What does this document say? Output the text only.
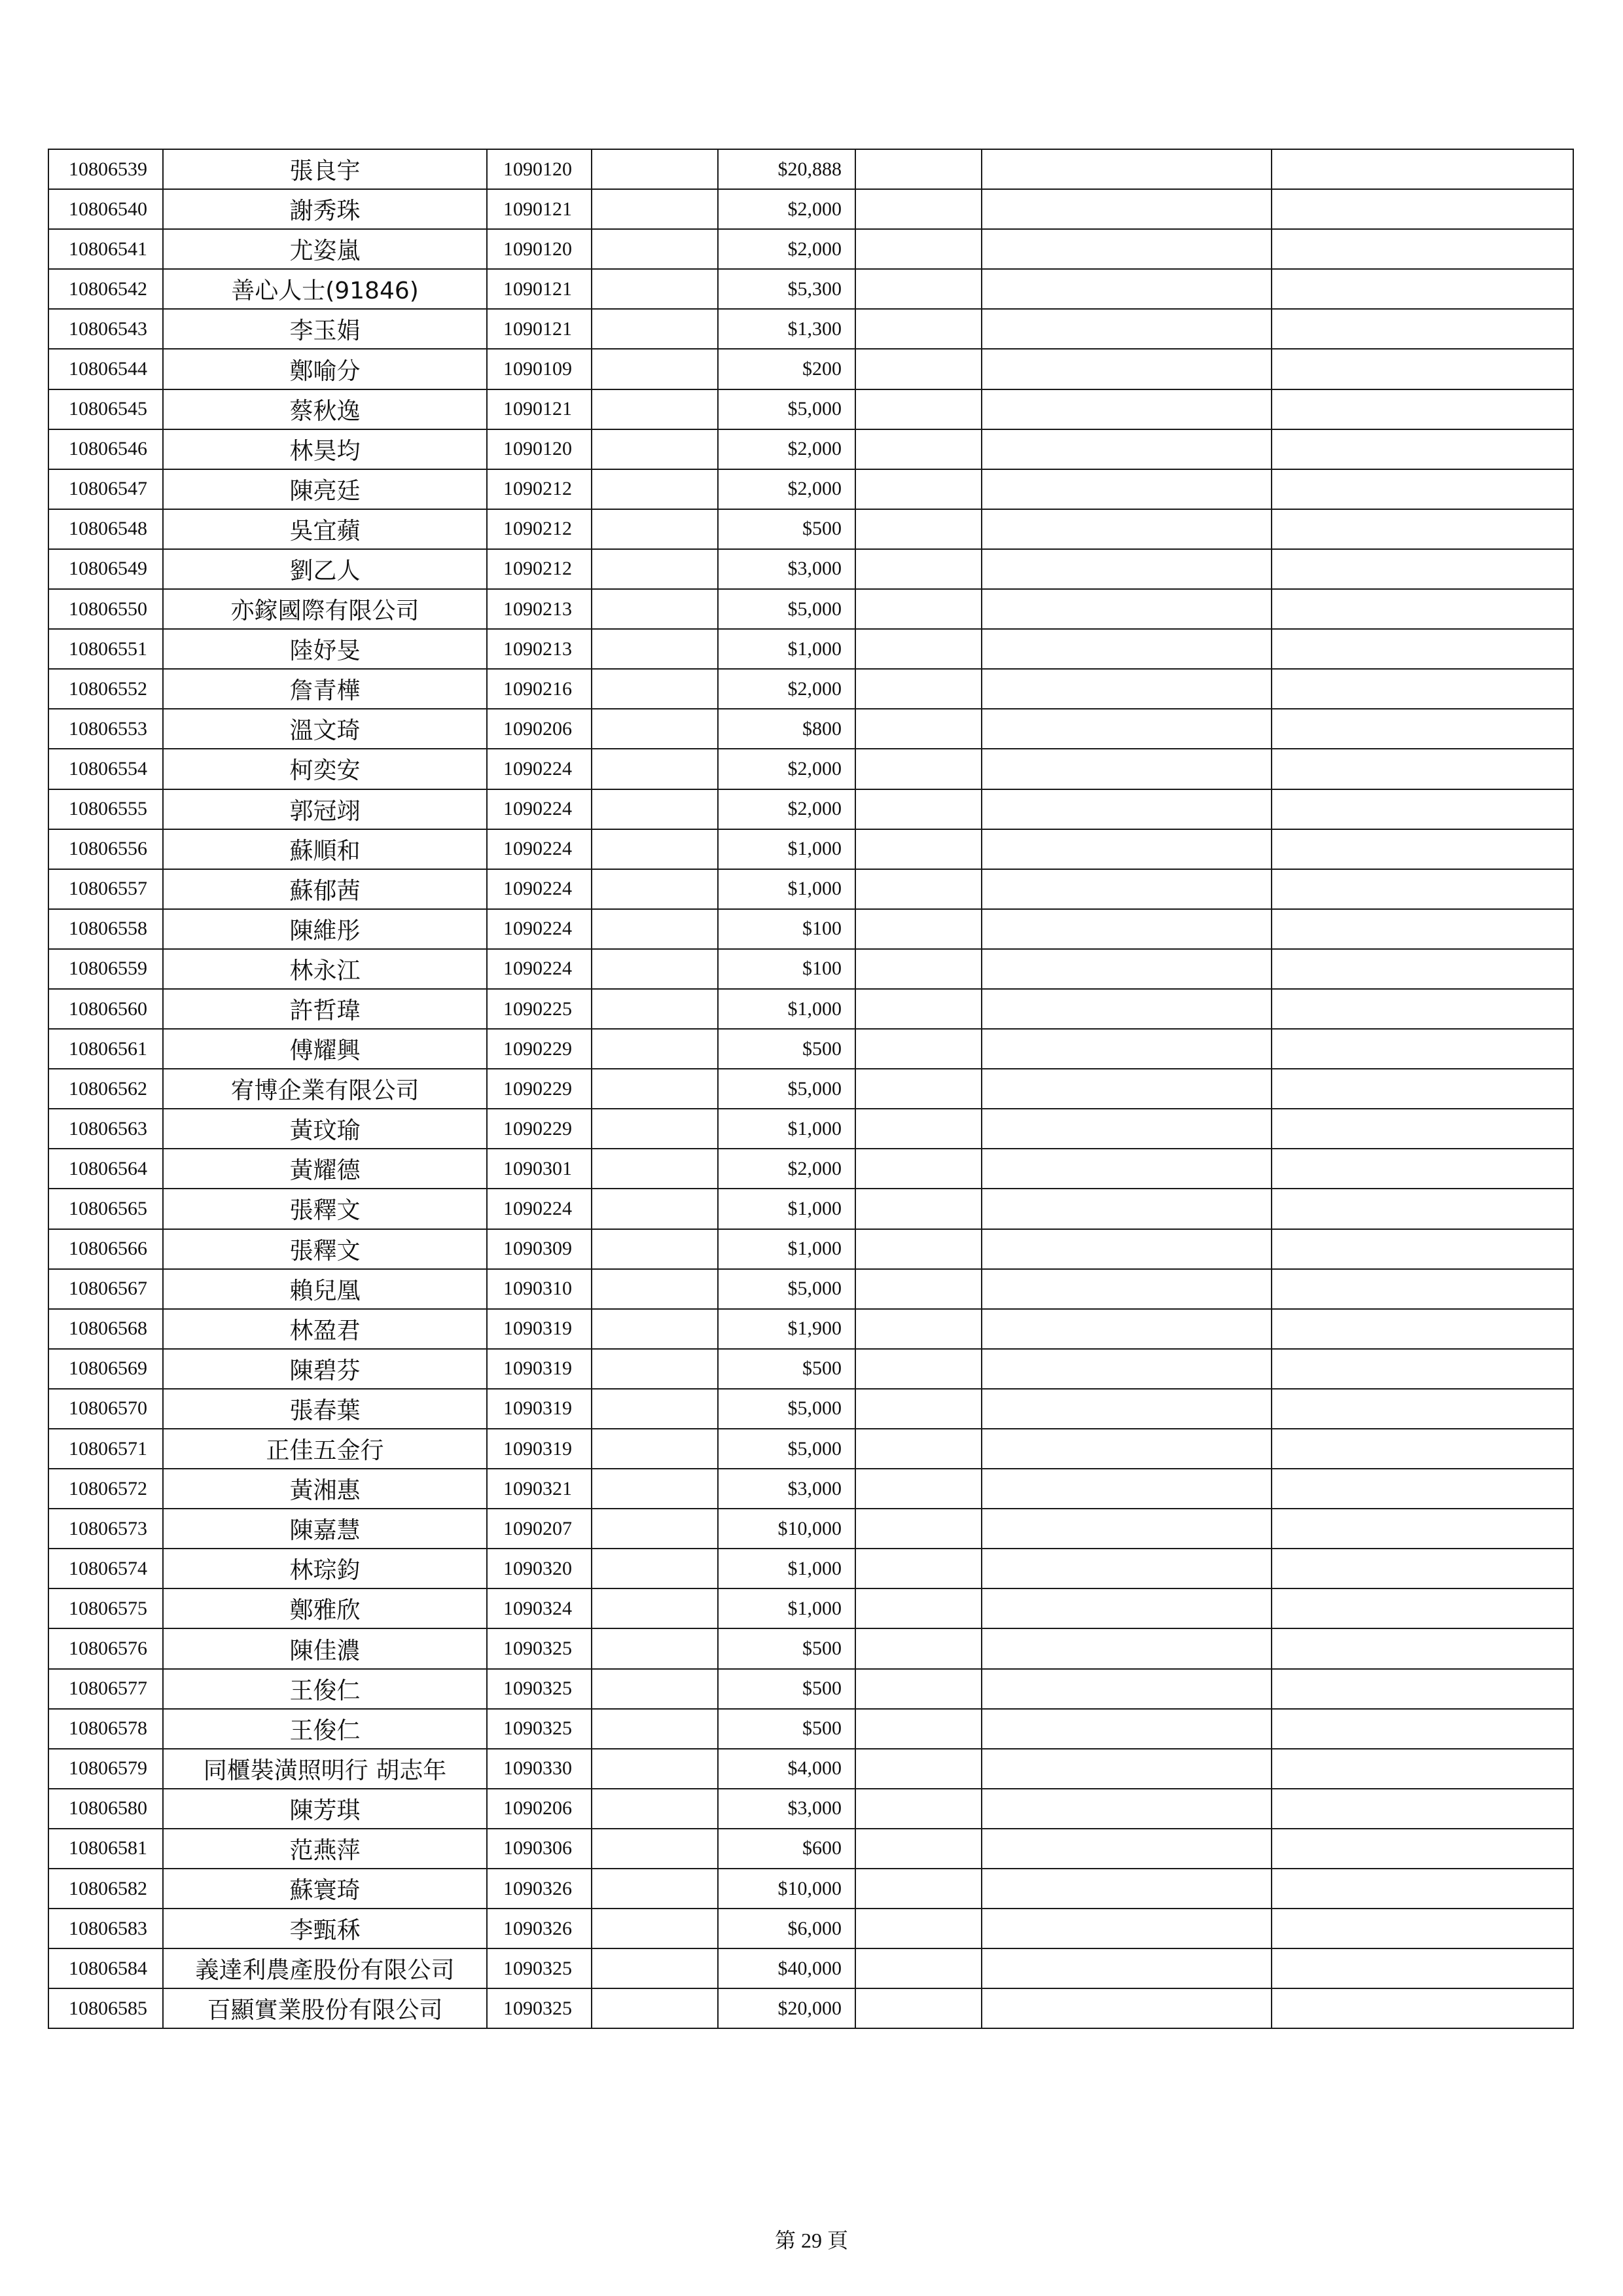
10806539	張良宇	1090120		$20,888			
10806540	謝秀珠	1090121		$2,000			
10806541	尤姿嵐	1090120		$2,000			
10806542	善心人士(91846)	1090121		$5,300			
10806543	李玉娟	1090121		$1,300			
10806544	鄭喻分	1090109		$200			
10806545	蔡秋逸	1090121		$5,000			
10806546	林昊均	1090120		$2,000			
10806547	陳亮廷	1090212		$2,000			
10806548	吳宜蘋	1090212		$500			
10806549	劉乙人	1090212		$3,000			
10806550	亦鎵國際有限公司	1090213		$5,000			
10806551	陸妤旻	1090213		$1,000			
10806552	詹青樺	1090216		$2,000			
10806553	溫文琦	1090206		$800			
10806554	柯奕安	1090224		$2,000			
10806555	郭冠翊	1090224		$2,000			
10806556	蘇順和	1090224		$1,000			
10806557	蘇郁茜	1090224		$1,000			
10806558	陳維彤	1090224		$100			
10806559	林永江	1090224		$100			
10806560	許哲瑋	1090225		$1,000			
10806561	傅耀興	1090229		$500			
10806562	宥博企業有限公司	1090229		$5,000			
10806563	黃玟瑜	1090229		$1,000			
10806564	黃耀德	1090301		$2,000			
10806565	張釋文	1090224		$1,000			
10806566	張釋文	1090309		$1,000			
10806567	賴兒凰	1090310		$5,000			
10806568	林盈君	1090319		$1,900			
10806569	陳碧芬	1090319		$500			
10806570	張春葉	1090319		$5,000			
10806571	正佳五金行	1090319		$5,000			
10806572	黃湘惠	1090321		$3,000			
10806573	陳嘉慧	1090207		$10,000			
10806574	林琮鈞	1090320		$1,000			
10806575	鄭雅欣	1090324		$1,000			
10806576	陳佳濃	1090325		$500			
10806577	王俊仁	1090325		$500			
10806578	王俊仁	1090325		$500			
10806579	同櫃裝潢照明行 胡志年	1090330		$4,000			
10806580	陳芳琪	1090206		$3,000			
10806581	范燕萍	1090306		$600			
10806582	蘇寰琦	1090326		$10,000			
10806583	李甄秝	1090326		$6,000			
10806584	義達利農產股份有限公司	1090325		$40,000			
10806585	百顯實業股份有限公司	1090325		$20,000			
第 29 頁
